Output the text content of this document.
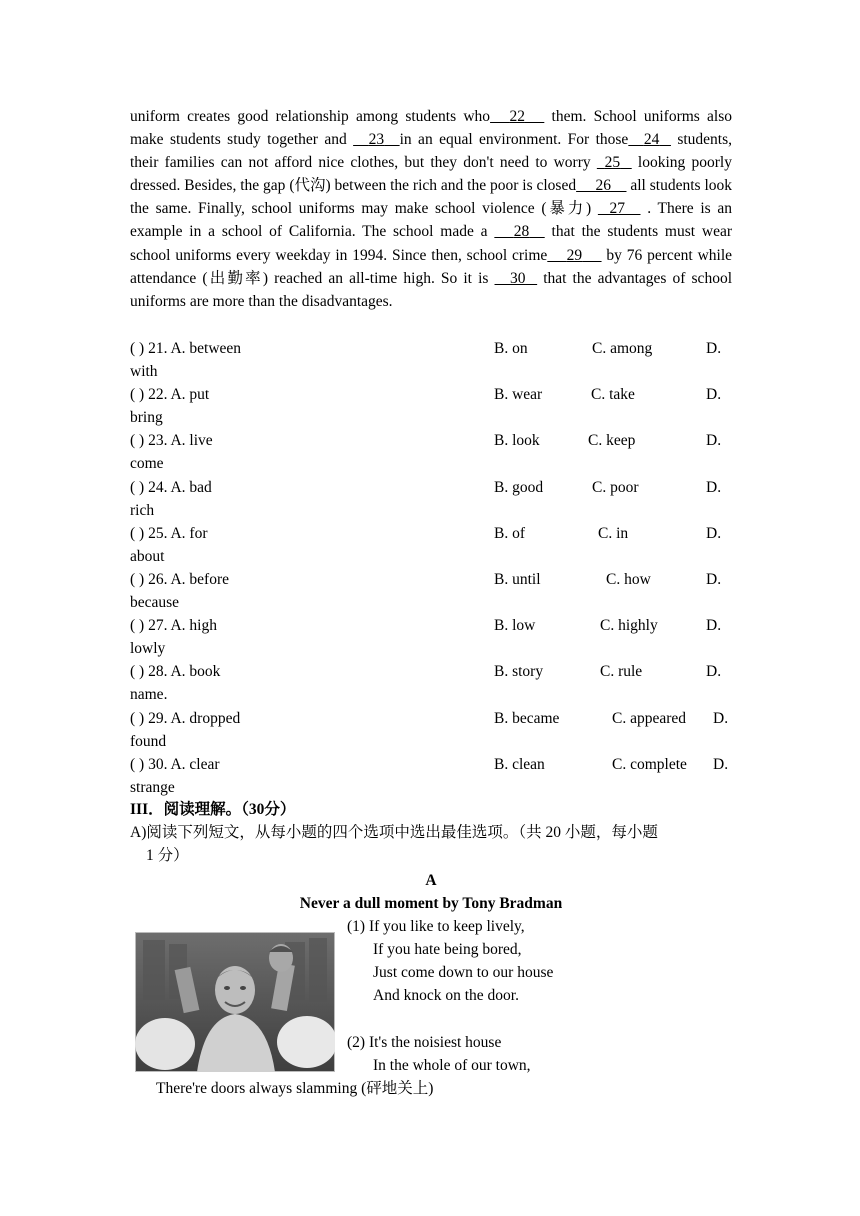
uniform creates good relationship among students who 22      them. School uniforms also make students study together and     23 in an equal environment. For those 24    students, their families can not afford nice clothes, but they don't need to worry   25    looking poorly dressed. Besides, the gap (代沟) between the rich and the poor is closed 26     all students look the same. Finally, school uniforms may make school violence (暴力)    27     . There is an example in a school of California. The school made a      28     that the students must wear school uniforms every weekday in 1994. Since then, school crime 29      by 76 percent while attendance (出勤率) reached an all-time high. So it is     30    that the advantages of school uniforms are more than the disadvantages.

( ) 21. A. between	B. on	C. among	D.
with
( ) 22. A. put	B. wear	C. take	D.
bring
( ) 23. A. live	B. look	C. keep	D.
come
( ) 24. A. bad	B. good	C. poor	D.
rich
( ) 25. A. for	B. of	C. in	D.
about
( ) 26. A. before	B. until	C. how	D.
because
( ) 27. A. high	B. low	C. highly	D.
lowly
( ) 28. A. book	B. story	C. rule	D.
name.
( ) 29. A. dropped	B. became	C. appeared D.
found
( ) 30. A. clear	B. clean	C. complete D.
strange
III．阅读理解。（30分）
A)阅读下列短文，从每小题的四个选项中选出最佳选项。（共 20 小题，每小题
1 分）
A
Never a dull moment by Tony Bradman
(1) If you like to keep lively,
If you hate being bored,
Just come down to our house
And knock on the door.
(2) It's the noisiest house
In the whole of our town,
There're doors always slamming (砰地关上)
